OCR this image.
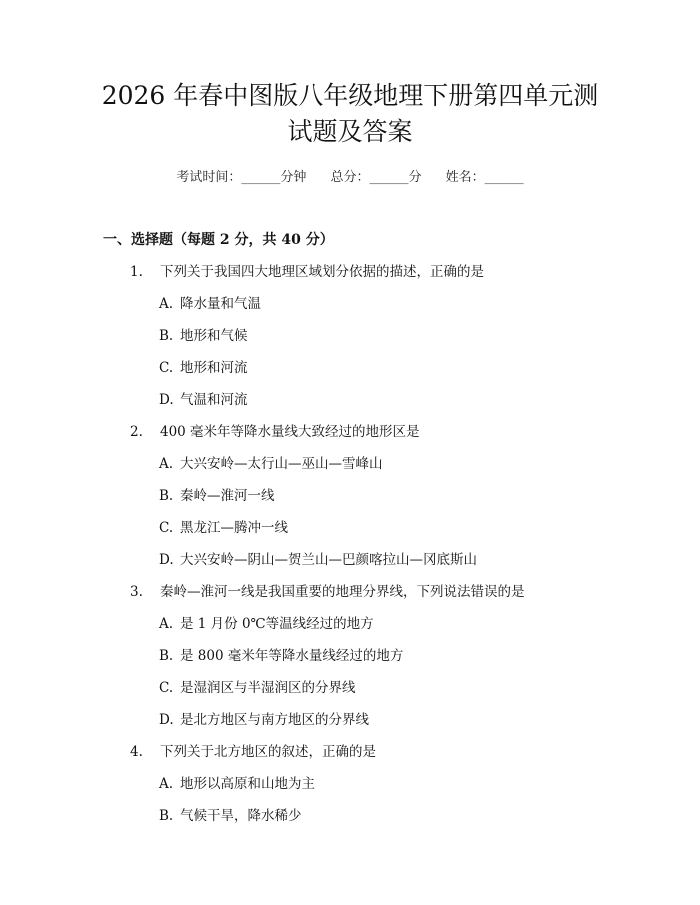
2026 年春中图版八年级地理下册第四单元测
试题及答案
考试时间：______分钟 总分：______分 姓名：______
一、选择题（每题 2 分，共 40 分）
1. 下列关于我国四大地理区域划分依据的描述，正确的是
A. 降水量和气温
B. 地形和气候
C. 地形和河流
D. 气温和河流
2. 400 毫米年等降水量线大致经过的地形区是
A. 大兴安岭—太行山—巫山—雪峰山
B. 秦岭—淮河一线
C. 黑龙江—腾冲一线
D. 大兴安岭—阴山—贺兰山—巴颜喀拉山—冈底斯山
3. 秦岭—淮河一线是我国重要的地理分界线，下列说法错误的是
A. 是 1 月份 0℃等温线经过的地方
B. 是 800 毫米年等降水量线经过的地方
C. 是湿润区与半湿润区的分界线
D. 是北方地区与南方地区的分界线
4. 下列关于北方地区的叙述，正确的是
A. 地形以高原和山地为主
B. 气候干旱，降水稀少
